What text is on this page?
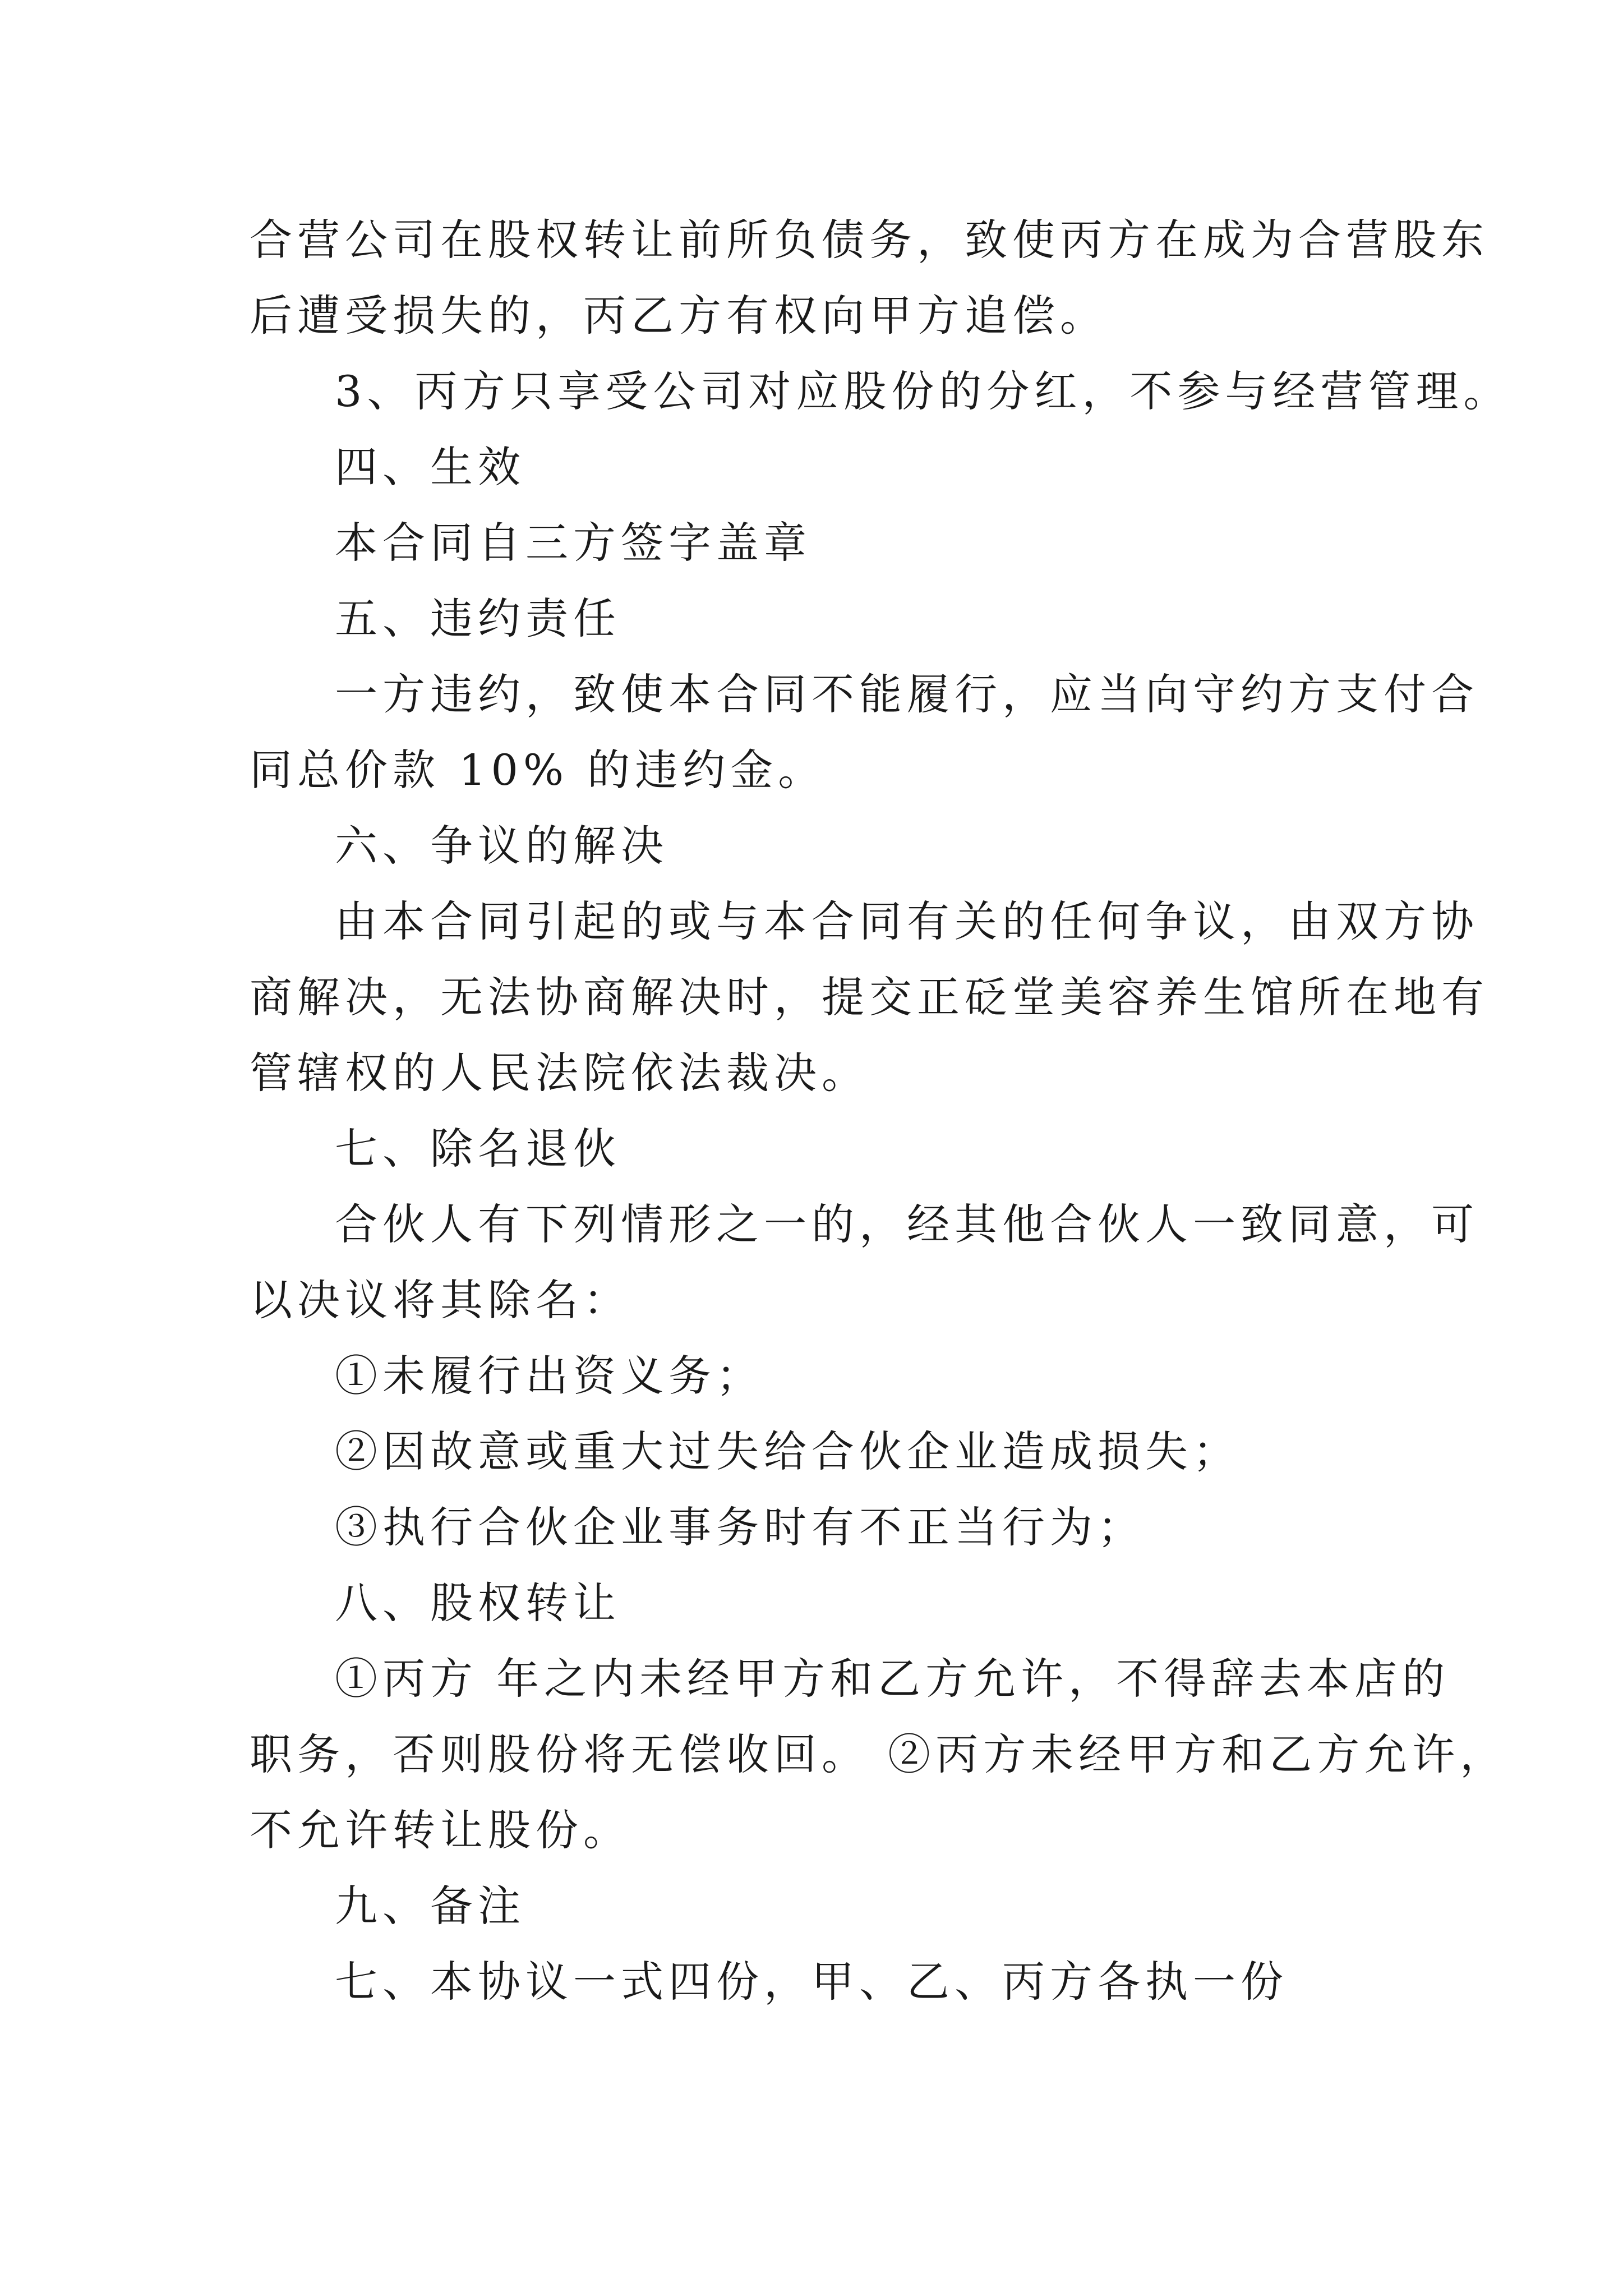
合营公司在股权转让前所负债务，致使丙方在成为合营股东
后遭受损失的，丙乙方有权向甲方追偿。
3、丙方只享受公司对应股份的分红，不参与经营管理。
四、生效
本合同自三方签字盖章
五、违约责任
一方违约，致使本合同不能履行，应当向守约方支付合
同总价款 10% 的违约金。
六、争议的解决
由本合同引起的或与本合同有关的任何争议，由双方协
商解决，无法协商解决时，提交正砭堂美容养生馆所在地有
管辖权的人民法院依法裁决。
七、除名退伙
合伙人有下列情形之一的，经其他合伙人一致同意，可
以决议将其除名：
①未履行出资义务；
②因故意或重大过失给合伙企业造成损失；
③执行合伙企业事务时有不正当行为；
八、股权转让
①丙方 年之内未经甲方和乙方允许，不得辞去本店的
职务，否则股份将无偿收回。 ②丙方未经甲方和乙方允许，
不允许转让股份。
九、备注
七、本协议一式四份，甲、乙、丙方各执一份
